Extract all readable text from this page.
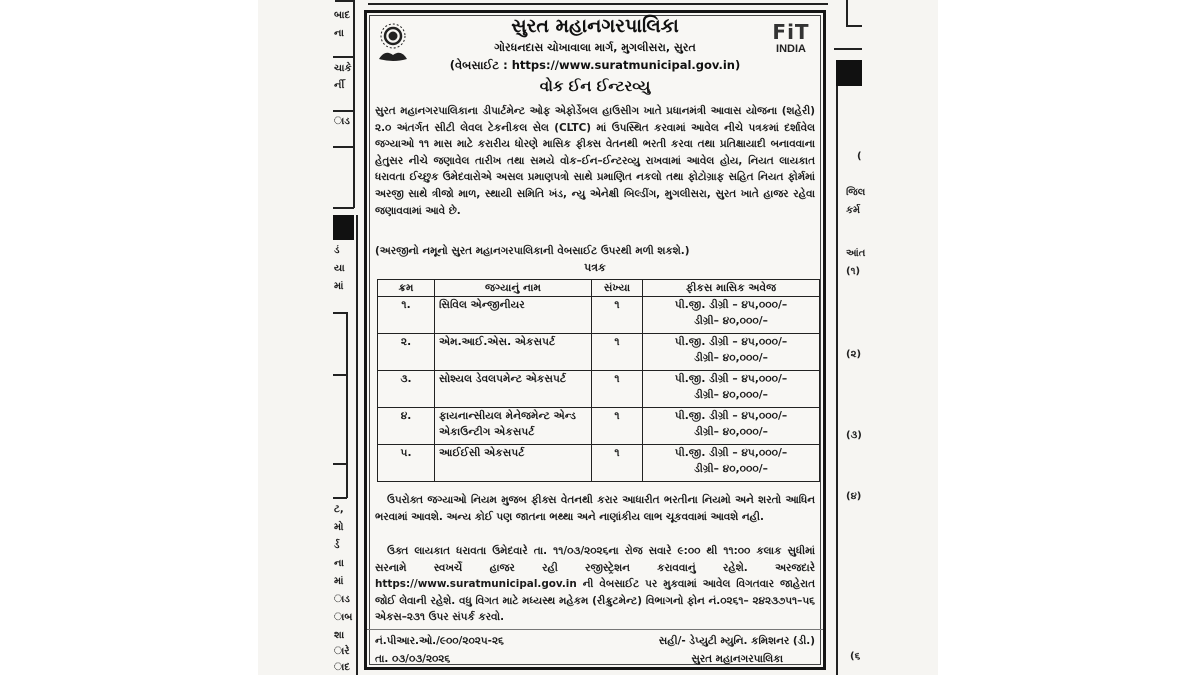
બાદ
ના
ચાકે
ર્ની
ાડ
ડં
યા
માં
ટ,
મો
ર્ડ
ના
માં
ાડ
ાબ
શા
ારે
ાદ
(
જિલ
કર્મ
આંત
(૧)
(૨)
(૩)
(૪)
(૬
FiT
INDIA
સુરત મહાનગરપાલિકા
ગોરધનદાસ ચોખાવાલા માર્ગ, મુગલીસરા, સુરત
(વેબસાઈટ : https://www.suratmunicipal.gov.in)
વોક ઈન ઈન્ટરવ્યુ
સુરત મહાનગરપાલિકાના ડીપાર્ટમેન્ટ ઓફ એફોર્ડેબલ હાઉસીગ ખાતે પ્રધાનમંત્રી આવાસ યોજના (શહેરી) ૨.૦ અંતર્ગત સીટી લેવલ ટેકનીકલ સેલ (CLTC) માં ઉપસ્થિત કરવામાં આવેલ નીચે પત્રકમાં દર્શાવેલ જગ્યાઓ ૧૧ માસ માટે કરારીય ધોરણે માસિક ફીક્સ વેતનથી ભરતી કરવા તથા પ્રતિક્ષાયાદી બનાવવાના હેતુસર નીચે જણાવેલ તારીખ તથા સમયે વોક–ઈન–ઈન્ટરવ્યુ રાખવામાં આવેલ હોય, નિયત લાયકાત ધરાવતા ઈચ્છુક ઉમેદવારોએ અસલ પ્રમાણપત્રો સાથે પ્રમાણિત નકલો તથા ફોટોગ્રાફ સહિત નિયત ફોર્મમાં અરજી સાથે ત્રીજો માળ, સ્થાયી સમિતિ ખંડ, ન્યુ એનેક્ષી બિલ્ડીંગ, મુગલીસરા, સુરત ખાતે હાજર રહેવા જણાવવામાં આવે છે.
(અરજીનો નમૂનો સુરત મહાનગરપાલિકાની વેબસાઈટ ઉપરથી મળી શકશે.)
પત્રક
ક્રમ	જગ્યાનું નામ	સંખ્યા	ફીકસ માસિક અવેજ
૧.	સિવિલ એન્જીનીયર	૧	પી.જી. ડીગ્રી – ૪૫,૦૦૦/–
ડીગ્રી– ૪૦,૦૦૦/–

૨.	એમ.આઈ.એસ. એકસપર્ટ	૧	પી.જી. ડીગ્રી – ૪૫,૦૦૦/–
ડીગ્રી– ૪૦,૦૦૦/–

૩.	સોશ્યલ ડેવલપમેન્ટ એકસપર્ટ	૧	પી.જી. ડીગ્રી – ૪૫,૦૦૦/–
ડીગ્રી– ૪૦,૦૦૦/–

૪.	ફાયનાન્સીયલ મેનેજમેન્ટ એન્ડ એકાઉન્ટીગ એકસપર્ટ	૧	પી.જી. ડીગ્રી – ૪૫,૦૦૦/–
ડીગ્રી– ૪૦,૦૦૦/–

૫.	આઈઈસી એકસપર્ટ	૧	પી.જી. ડીગ્રી – ૪૫,૦૦૦/–
ડીગ્રી– ૪૦,૦૦૦/–
ઉપરોક્ત જગ્યાઓ નિયમ મુજબ ફીક્સ વેતનથી કરાર આધારીત ભરતીના નિયમો અને શરતો આધિન ભરવામાં આવશે. અન્ય કોઈ પણ જાતના ભથ્થા અને નાણાંકીય લાભ ચૂકવવામાં આવશે નહી.
ઉક્ત લાયકાત ધરાવતા ઉમેદવારે તા. ૧૧/૦૩/૨૦૨૬ના રોજ સવારે ૯:૦૦ થી ૧૧:૦૦ કલાક સુધીમાં સરનામે સ્વખર્ચે હાજર રહી રજીસ્ટ્રેશન કરાવવાનું રહેશે. અરજદારે https://www.suratmunicipal.gov.in ની વેબસાઈટ પર મુકવામાં આવેલ વિગતવાર જાહેરાત જોઈ લેવાની રહેશે. વધુ વિગત માટે મધ્યસ્થ મહેકમ (રીક્રુટમેન્ટ) વિભાગનો ફોન નં.૦૨૬૧– ૨૪૨૩૭૫૧–૫૬ એકસ–૨૩૧ ઉપર સંપર્ક કરવો.
નં.પીઆર.ઓ./૯૦૦/૨૦૨૫-૨૬
તા. ૦૩/૦૩/૨૦૨૬
સહી/- ડેપ્યુટી મ્યુનિ. કમિશનર (ડી.)
સુરત મહાનગરપાલિકા
